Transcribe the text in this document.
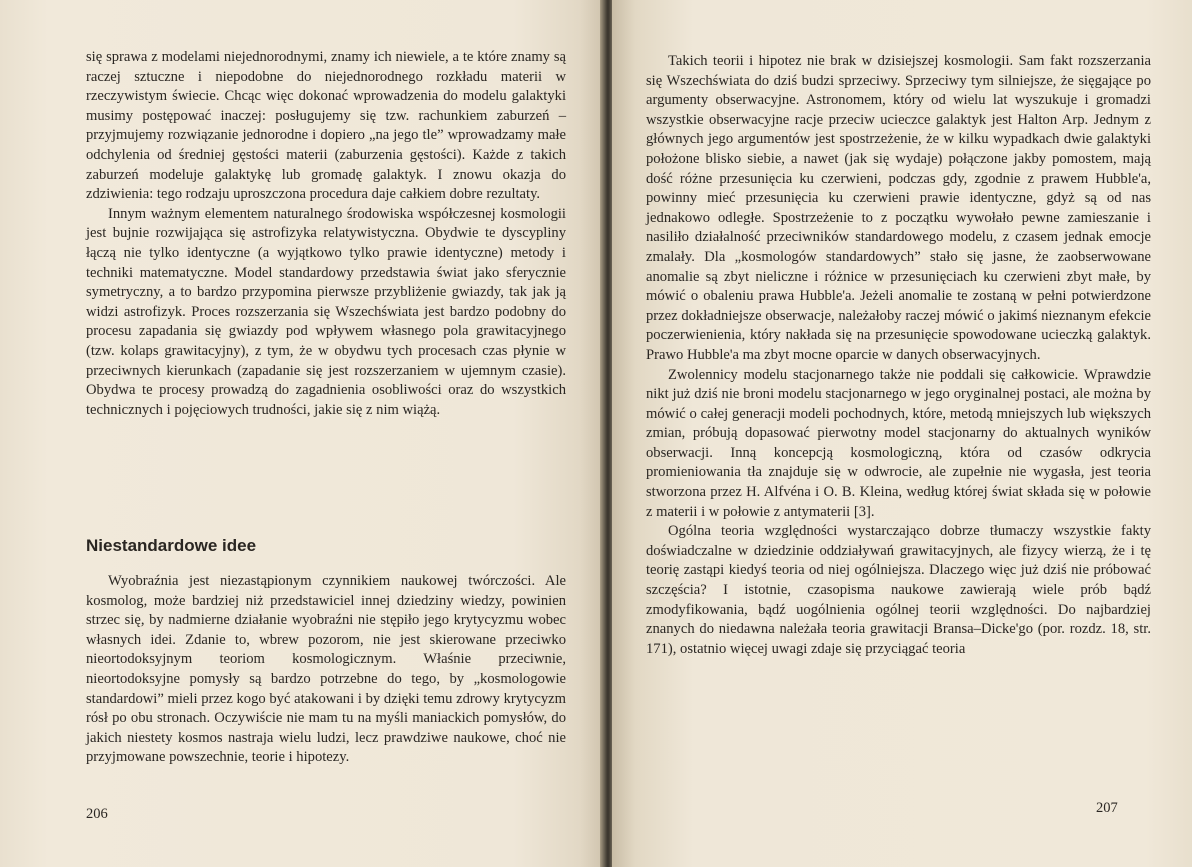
się sprawa z modelami niejednorodnymi, znamy ich niewiele, a te które znamy są raczej sztuczne i niepodobne do niejednorodnego rozkładu materii w rzeczywistym świecie. Chcąc więc dokonać wprowadzenia do modelu galaktyki musimy postępować inaczej: posługujemy się tzw. rachunkiem zaburzeń – przyjmujemy rozwiązanie jednorodne i dopiero „na jego tle” wprowadzamy małe odchylenia od średniej gęstości materii (zaburzenia gęstości). Każde z takich zaburzeń modeluje galaktykę lub gromadę galaktyk. I znowu okazja do zdziwienia: tego rodzaju uproszczona procedura daje całkiem dobre rezultaty.

Innym ważnym elementem naturalnego środowiska współczesnej kosmologii jest bujnie rozwijająca się astrofizyka relatywistyczna. Obydwie te dyscypliny łączą nie tylko identyczne (a wyjątkowo tylko prawie identyczne) metody i techniki matematyczne. Model standardowy przedstawia świat jako sferycznie symetryczny, a to bardzo przypomina pierwsze przybliżenie gwiazdy, tak jak ją widzi astrofizyk. Proces rozszerzania się Wszechświata jest bardzo podobny do procesu zapadania się gwiazdy pod wpływem własnego pola grawitacyjnego (tzw. kolaps grawitacyjny), z tym, że w obydwu tych procesach czas płynie w przeciwnych kierunkach (zapadanie się jest rozszerzaniem w ujemnym czasie). Obydwa te procesy prowadzą do zagadnienia osobliwości oraz do wszystkich technicznych i pojęciowych trudności, jakie się z nim wiążą.

Niestandardowe idee

Wyobraźnia jest niezastąpionym czynnikiem naukowej twórczości. Ale kosmolog, może bardziej niż przedstawiciel innej dziedziny wiedzy, powinien strzec się, by nadmierne działanie wyobraźni nie stępiło jego krytycyzmu wobec własnych idei. Zdanie to, wbrew pozorom, nie jest skierowane przeciwko nieortodoksyjnym teoriom kosmologicznym. Właśnie przeciwnie, nieortodoksyjne pomysły są bardzo potrzebne do tego, by „kosmologowie standardowi” mieli przez kogo być atakowani i by dzięki temu zdrowy krytycyzm rósł po obu stronach. Oczywiście nie mam tu na myśli maniackich pomysłów, do jakich niestety kosmos nastraja wielu ludzi, lecz prawdziwe naukowe, choć nie przyjmowane powszechnie, teorie i hipotezy.

206

Takich teorii i hipotez nie brak w dzisiejszej kosmologii. Sam fakt rozszerzania się Wszechświata do dziś budzi sprzeciwy. Sprzeciwy tym silniejsze, że sięgające po argumenty obserwacyjne. Astronomem, który od wielu lat wyszukuje i gromadzi wszystkie obserwacyjne racje przeciw ucieczce galaktyk jest Halton Arp. Jednym z głównych jego argumentów jest spostrzeżenie, że w kilku wypadkach dwie galaktyki położone blisko siebie, a nawet (jak się wydaje) połączone jakby pomostem, mają dość różne przesunięcia ku czerwieni, podczas gdy, zgodnie z prawem Hubble'a, powinny mieć przesunięcia ku czerwieni prawie identyczne, gdyż są od nas jednakowo odległe. Spostrzeżenie to z początku wywołało pewne zamieszanie i nasiliło działalność przeciwników standardowego modelu, z czasem jednak emocje zmalały. Dla „kosmologów standardowych” stało się jasne, że zaobserwowane anomalie są zbyt nieliczne i różnice w przesunięciach ku czerwieni zbyt małe, by mówić o obaleniu prawa Hubble'a. Jeżeli anomalie te zostaną w pełni potwierdzone przez dokładniejsze obserwacje, należałoby raczej mówić o jakimś nieznanym efekcie poczerwienienia, który nakłada się na przesunięcie spowodowane ucieczką galaktyk. Prawo Hubble'a ma zbyt mocne oparcie w danych obserwacyjnych.

Zwolennicy modelu stacjonarnego także nie poddali się całkowicie. Wprawdzie nikt już dziś nie broni modelu stacjonarnego w jego oryginalnej postaci, ale można by mówić o całej generacji modeli pochodnych, które, metodą mniejszych lub większych zmian, próbują dopasować pierwotny model stacjonarny do aktualnych wyników obserwacji. Inną koncepcją kosmologiczną, która od czasów odkrycia promieniowania tła znajduje się w odwrocie, ale zupełnie nie wygasła, jest teoria stworzona przez H. Alfvéna i O. B. Kleina, według której świat składa się w połowie z materii i w połowie z antymaterii [3].

Ogólna teoria względności wystarczająco dobrze tłumaczy wszystkie fakty doświadczalne w dziedzinie oddziaływań grawitacyjnych, ale fizycy wierzą, że i tę teorię zastąpi kiedyś teoria od niej ogólniejsza. Dlaczego więc już dziś nie próbować szczęścia? I istotnie, czasopisma naukowe zawierają wiele prób bądź zmodyfikowania, bądź uogólnienia ogólnej teorii względności. Do najbardziej znanych do niedawna należała teoria grawitacji Bransa–Dicke'go (por. rozdz. 18, str. 171), ostatnio więcej uwagi zdaje się przyciągać teoria

207
